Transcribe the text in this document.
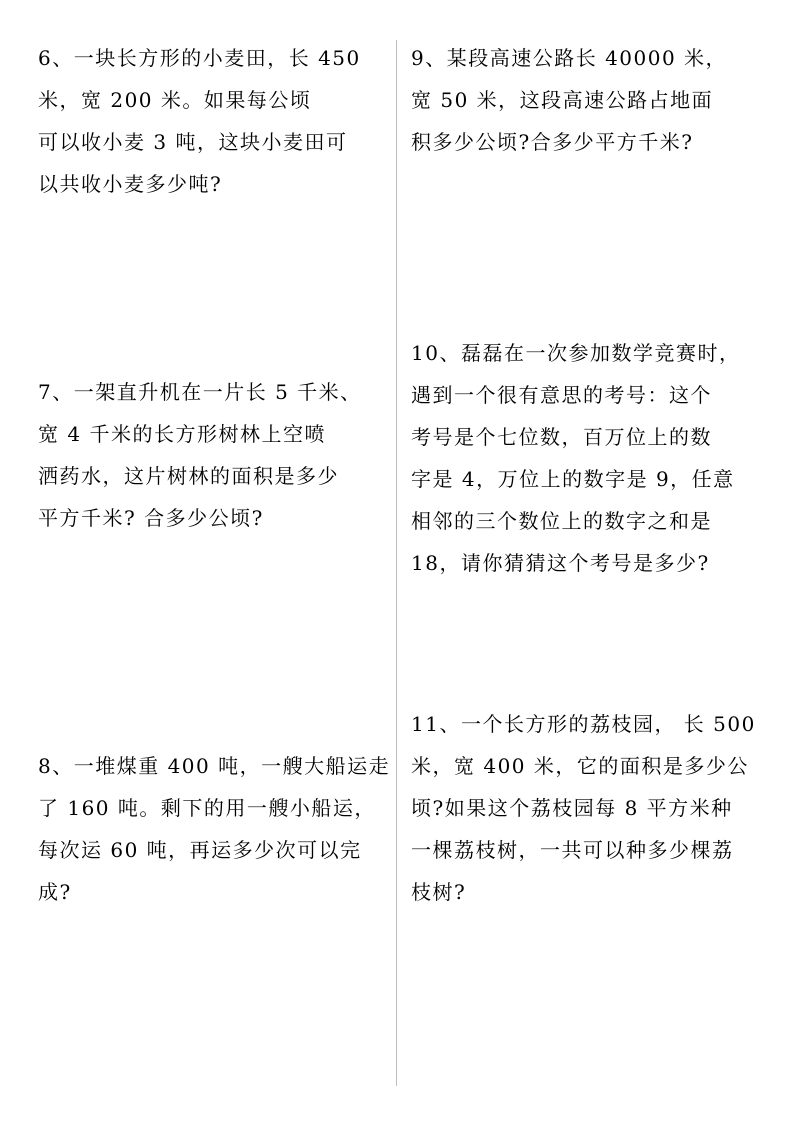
6、一块长方形的小麦田，长 450
米，宽 200 米。如果每公顷
可以收小麦 3 吨，这块小麦田可
以共收小麦多少吨?
7、一架直升机在一片长 5 千米、
宽 4 千米的长方形树林上空喷
洒药水，这片树林的面积是多少
平方千米? 合多少公顷?
8、一堆煤重 400 吨，一艘大船运走
了 160 吨。剩下的用一艘小船运，
每次运 60 吨，再运多少次可以完
成?
9、某段高速公路长 40000 米，
宽 50 米，这段高速公路占地面
积多少公顷?合多少平方千米?
10、磊磊在一次参加数学竞赛时，
遇到一个很有意思的考号：这个
考号是个七位数，百万位上的数
字是 4，万位上的数字是 9，任意
相邻的三个数位上的数字之和是
18，请你猜猜这个考号是多少?
11、一个长方形的荔枝园， 长 500
米，宽 400 米，它的面积是多少公
顷?如果这个荔枝园每 8 平方米种
一棵荔枝树，一共可以种多少棵荔
枝树?
